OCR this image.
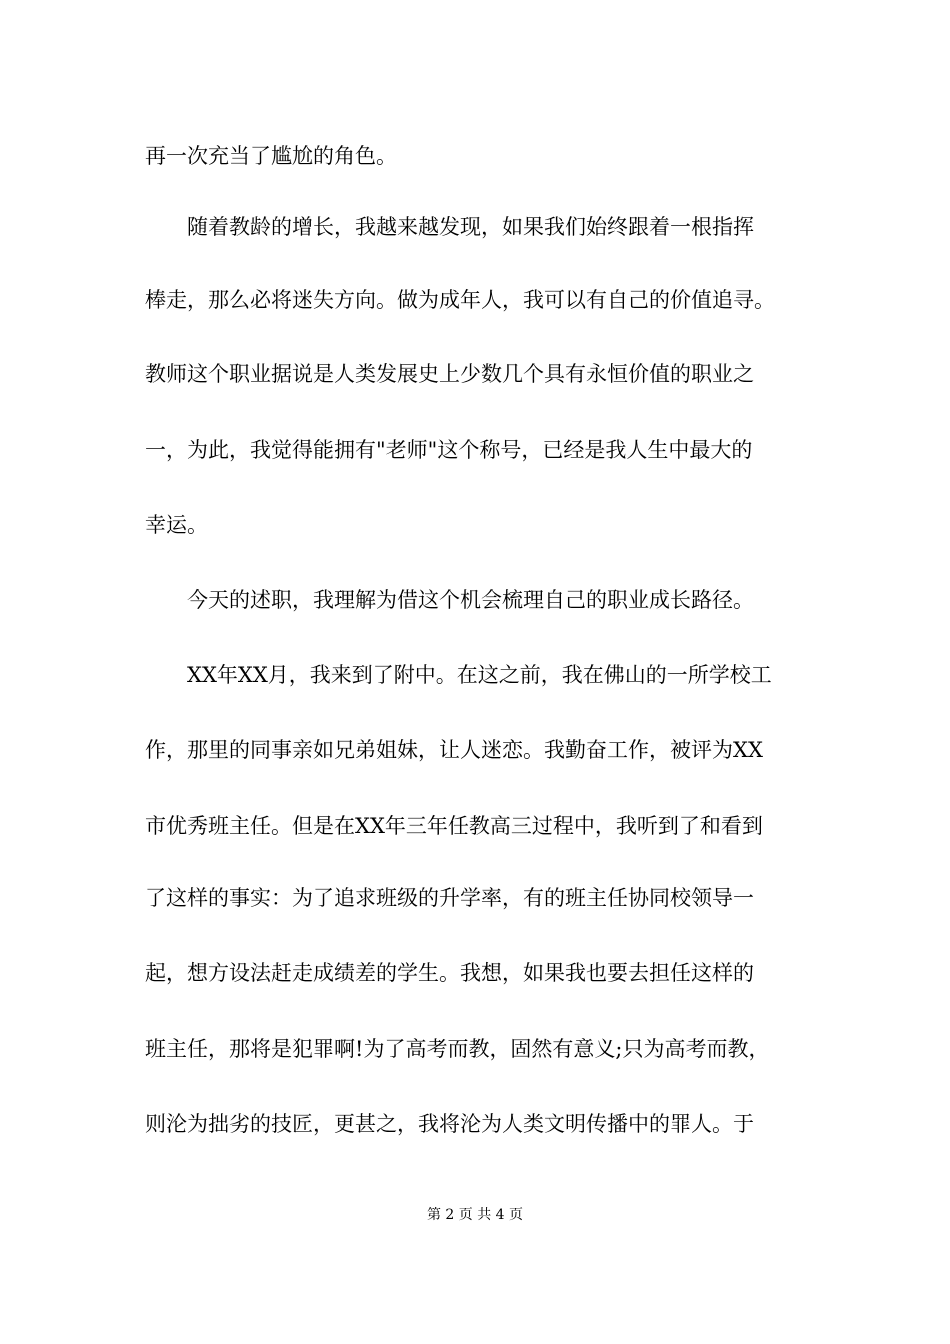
再一次充当了尴尬的角色。
随着教龄的增长，我越来越发现，如果我们始终跟着一根指挥
棒走，那么必将迷失方向。做为成年人，我可以有自己的价值追寻。
教师这个职业据说是人类发展史上少数几个具有永恒价值的职业之
一，为此，我觉得能拥有"老师"这个称号，已经是我人生中最大的
幸运。
今天的述职，我理解为借这个机会梳理自己的职业成长路径。
XX年XX月，我来到了附中。在这之前，我在佛山的一所学校工
作，那里的同事亲如兄弟姐妹，让人迷恋。我勤奋工作，被评为XX
市优秀班主任。但是在XX年三年任教高三过程中，我听到了和看到
了这样的事实：为了追求班级的升学率，有的班主任协同校领导一
起，想方设法赶走成绩差的学生。我想，如果我也要去担任这样的
班主任，那将是犯罪啊!为了高考而教，固然有意义;只为高考而教，
则沦为拙劣的技匠，更甚之，我将沦为人类文明传播中的罪人。于
第 2 页 共 4 页
